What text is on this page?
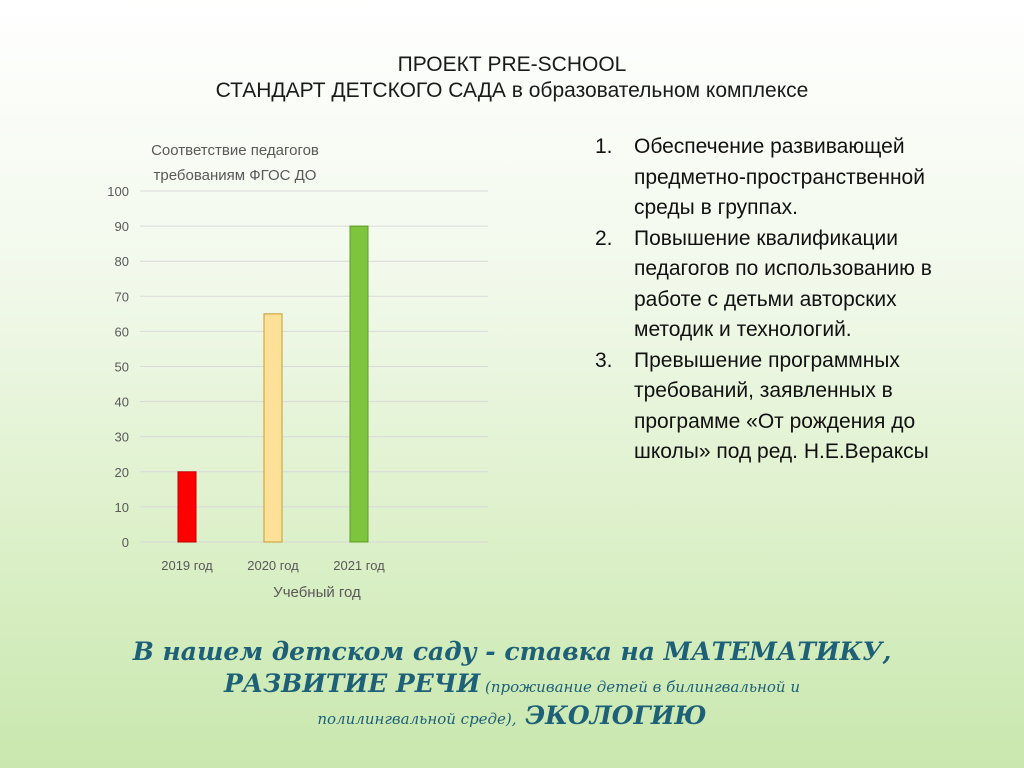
ПРОЕКТ PRE-SCHOOL
СТАНДАРТ ДЕТСКОГО САДА в образовательном комплексе
Соответствие педагогов
требованиям ФГОС ДО
0
10
20
30
40
50
60
70
80
90
100
2019 год	2020 год	2021 год
Учебный год
1. Обеспечение развивающей
предметно-пространственной
среды в группах.
2. Повышение квалификации
педагогов по использованию в
работе с детьми авторских
методик и технологий.
3. Превышение программных
требований, заявленных в
программе «От рождения до
школы» под ред. Н.Е.Вераксы
В нашем детском саду - ставка на МАТЕМАТИКУ,
РАЗВИТИЕ РЕЧИ (проживание детей в билингвальной и
полилингвальной среде), ЭКОЛОГИЮ
